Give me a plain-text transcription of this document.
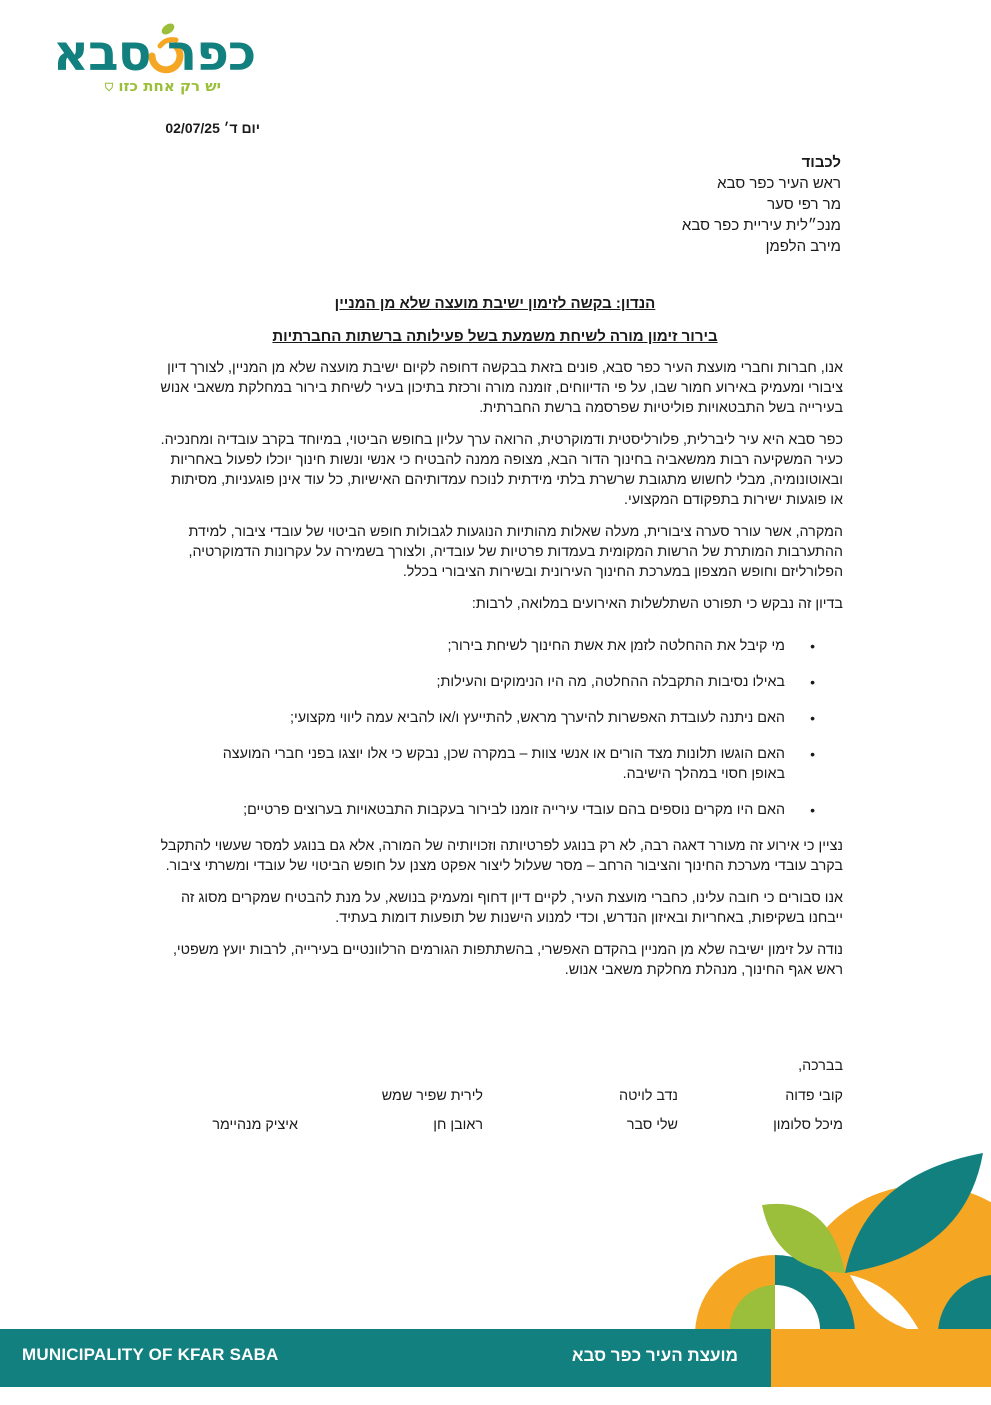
כפר סבא
יש רק אחת כזו ⛉
יום ד׳ 02/07/25
לכבוד
ראש העיר כפר סבא
מר רפי סער
מנכ״לית עיריית כפר סבא
מירב הלפמן
הנדון: בקשה לזימון ישיבת מועצה שלא מן המניין
בירור זימון מורה לשיחת משמעת בשל פעילותה ברשתות החברתיות

אנו, חברות וחברי מועצת העיר כפר סבא, פונים בזאת בבקשה דחופה לקיום ישיבת מועצה שלא מן המניין, לצורך דיון ציבורי ומעמיק באירוע חמור שבו, על פי הדיווחים, זומנה מורה ורכזת בתיכון בעיר לשיחת בירור במחלקת משאבי אנוש בעירייה בשל התבטאויות פוליטיות שפרסמה ברשת החברתית.

כפר סבא היא עיר ליברלית, פלורליסטית ודמוקרטית, הרואה ערך עליון בחופש הביטוי, במיוחד בקרב עובדיה ומחנכיה. כעיר המשקיעה רבות ממשאביה בחינוך הדור הבא, מצופה ממנה להבטיח כי אנשי ונשות חינוך יוכלו לפעול באחריות ובאוטונומיה, מבלי לחשוש מתגובת שרשרת בלתי מידתית לנוכח עמדותיהם האישיות, כל עוד אינן פוגעניות, מסיתות או פוגעות ישירות בתפקודם המקצועי.

המקרה, אשר עורר סערה ציבורית, מעלה שאלות מהותיות הנוגעות לגבולות חופש הביטוי של עובדי ציבור, למידת ההתערבות המותרת של הרשות המקומית בעמדות פרטיות של עובדיה, ולצורך בשמירה על עקרונות הדמוקרטיה, הפלורליזם וחופש המצפון במערכת החינוך העירונית ובשירות הציבורי בכלל.

בדיון זה נבקש כי תפורט השתלשלות האירועים במלואה, לרבות:

•
מי קיבל את ההחלטה לזמן את אשת החינוך לשיחת בירור;
•
באילו נסיבות התקבלה ההחלטה, מה היו הנימוקים והעילות;
•
האם ניתנה לעובדת האפשרות להיערך מראש, להתייעץ ו/או להביא עמה ליווי מקצועי;
•
האם הוגשו תלונות מצד הורים או אנשי צוות – במקרה שכן, נבקש כי אלו יוצגו בפני חברי המועצה באופן חסוי במהלך הישיבה.
•
האם היו מקרים נוספים בהם עובדי עירייה זומנו לבירור בעקבות התבטאויות בערוצים פרטיים;

נציין כי אירוע זה מעורר דאגה רבה, לא רק בנוגע לפרטיותה וזכויותיה של המורה, אלא גם בנוגע למסר שעשוי להתקבל בקרב עובדי מערכת החינוך והציבור הרחב – מסר שעלול ליצור אפקט מצנן על חופש הביטוי של עובדי ומשרתי ציבור.

אנו סבורים כי חובה עלינו, כחברי מועצת העיר, לקיים דיון דחוף ומעמיק בנושא, על מנת להבטיח שמקרים מסוג זה ייבחנו בשקיפות, באחריות ובאיזון הנדרש, וכדי למנוע הישנות של תופעות דומות בעתיד.

נודה על זימון ישיבה שלא מן המניין בהקדם האפשרי, בהשתתפות הגורמים הרלוונטיים בעירייה, לרבות יועץ משפטי, ראש אגף החינוך, מנהלת מחלקת משאבי אנוש.

בברכה,
קובי פדוה
נדב לויטה
לירית שפיר שמש
מיכל סלומון
שלי סבר
ראובן חן
איציק מנהיימר
MUNICIPALITY OF KFAR SABA	מועצת העיר כפר סבא
